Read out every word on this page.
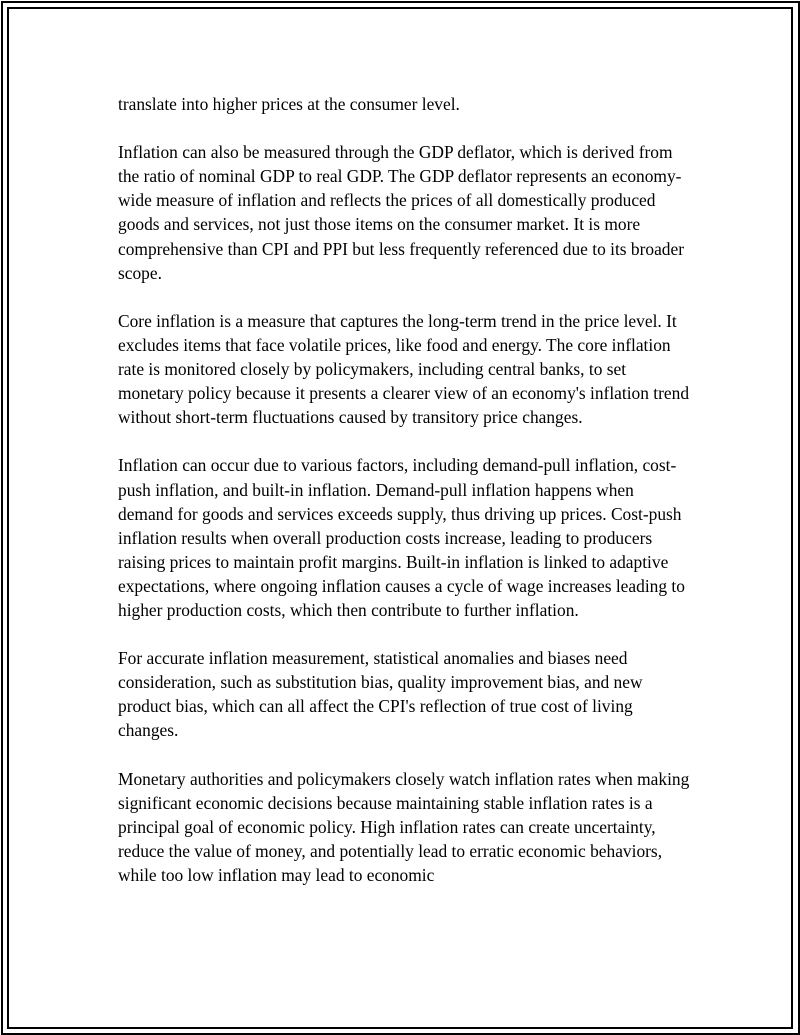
translate into higher prices at the consumer level.

Inflation can also be measured through the GDP deflator, which is derived from the ratio of nominal GDP to real GDP. The GDP deflator represents an economy-wide measure of inflation and reflects the prices of all domestically produced goods and services, not just those items on the consumer market. It is more comprehensive than CPI and PPI but less frequently referenced due to its broader scope.

Core inflation is a measure that captures the long-term trend in the price level. It excludes items that face volatile prices, like food and energy. The core inflation rate is monitored closely by policymakers, including central banks, to set monetary policy because it presents a clearer view of an economy's inflation trend without short-term fluctuations caused by transitory price changes.

Inflation can occur due to various factors, including demand-pull inflation, cost-push inflation, and built-in inflation. Demand-pull inflation happens when demand for goods and services exceeds supply, thus driving up prices. Cost-push inflation results when overall production costs increase, leading to producers raising prices to maintain profit margins. Built-in inflation is linked to adaptive expectations, where ongoing inflation causes a cycle of wage increases leading to higher production costs, which then contribute to further inflation.

For accurate inflation measurement, statistical anomalies and biases need consideration, such as substitution bias, quality improvement bias, and new product bias, which can all affect the CPI's reflection of true cost of living changes.

Monetary authorities and policymakers closely watch inflation rates when making significant economic decisions because maintaining stable inflation rates is a principal goal of economic policy. High inflation rates can create uncertainty, reduce the value of money, and potentially lead to erratic economic behaviors, while too low inflation may lead to economic
